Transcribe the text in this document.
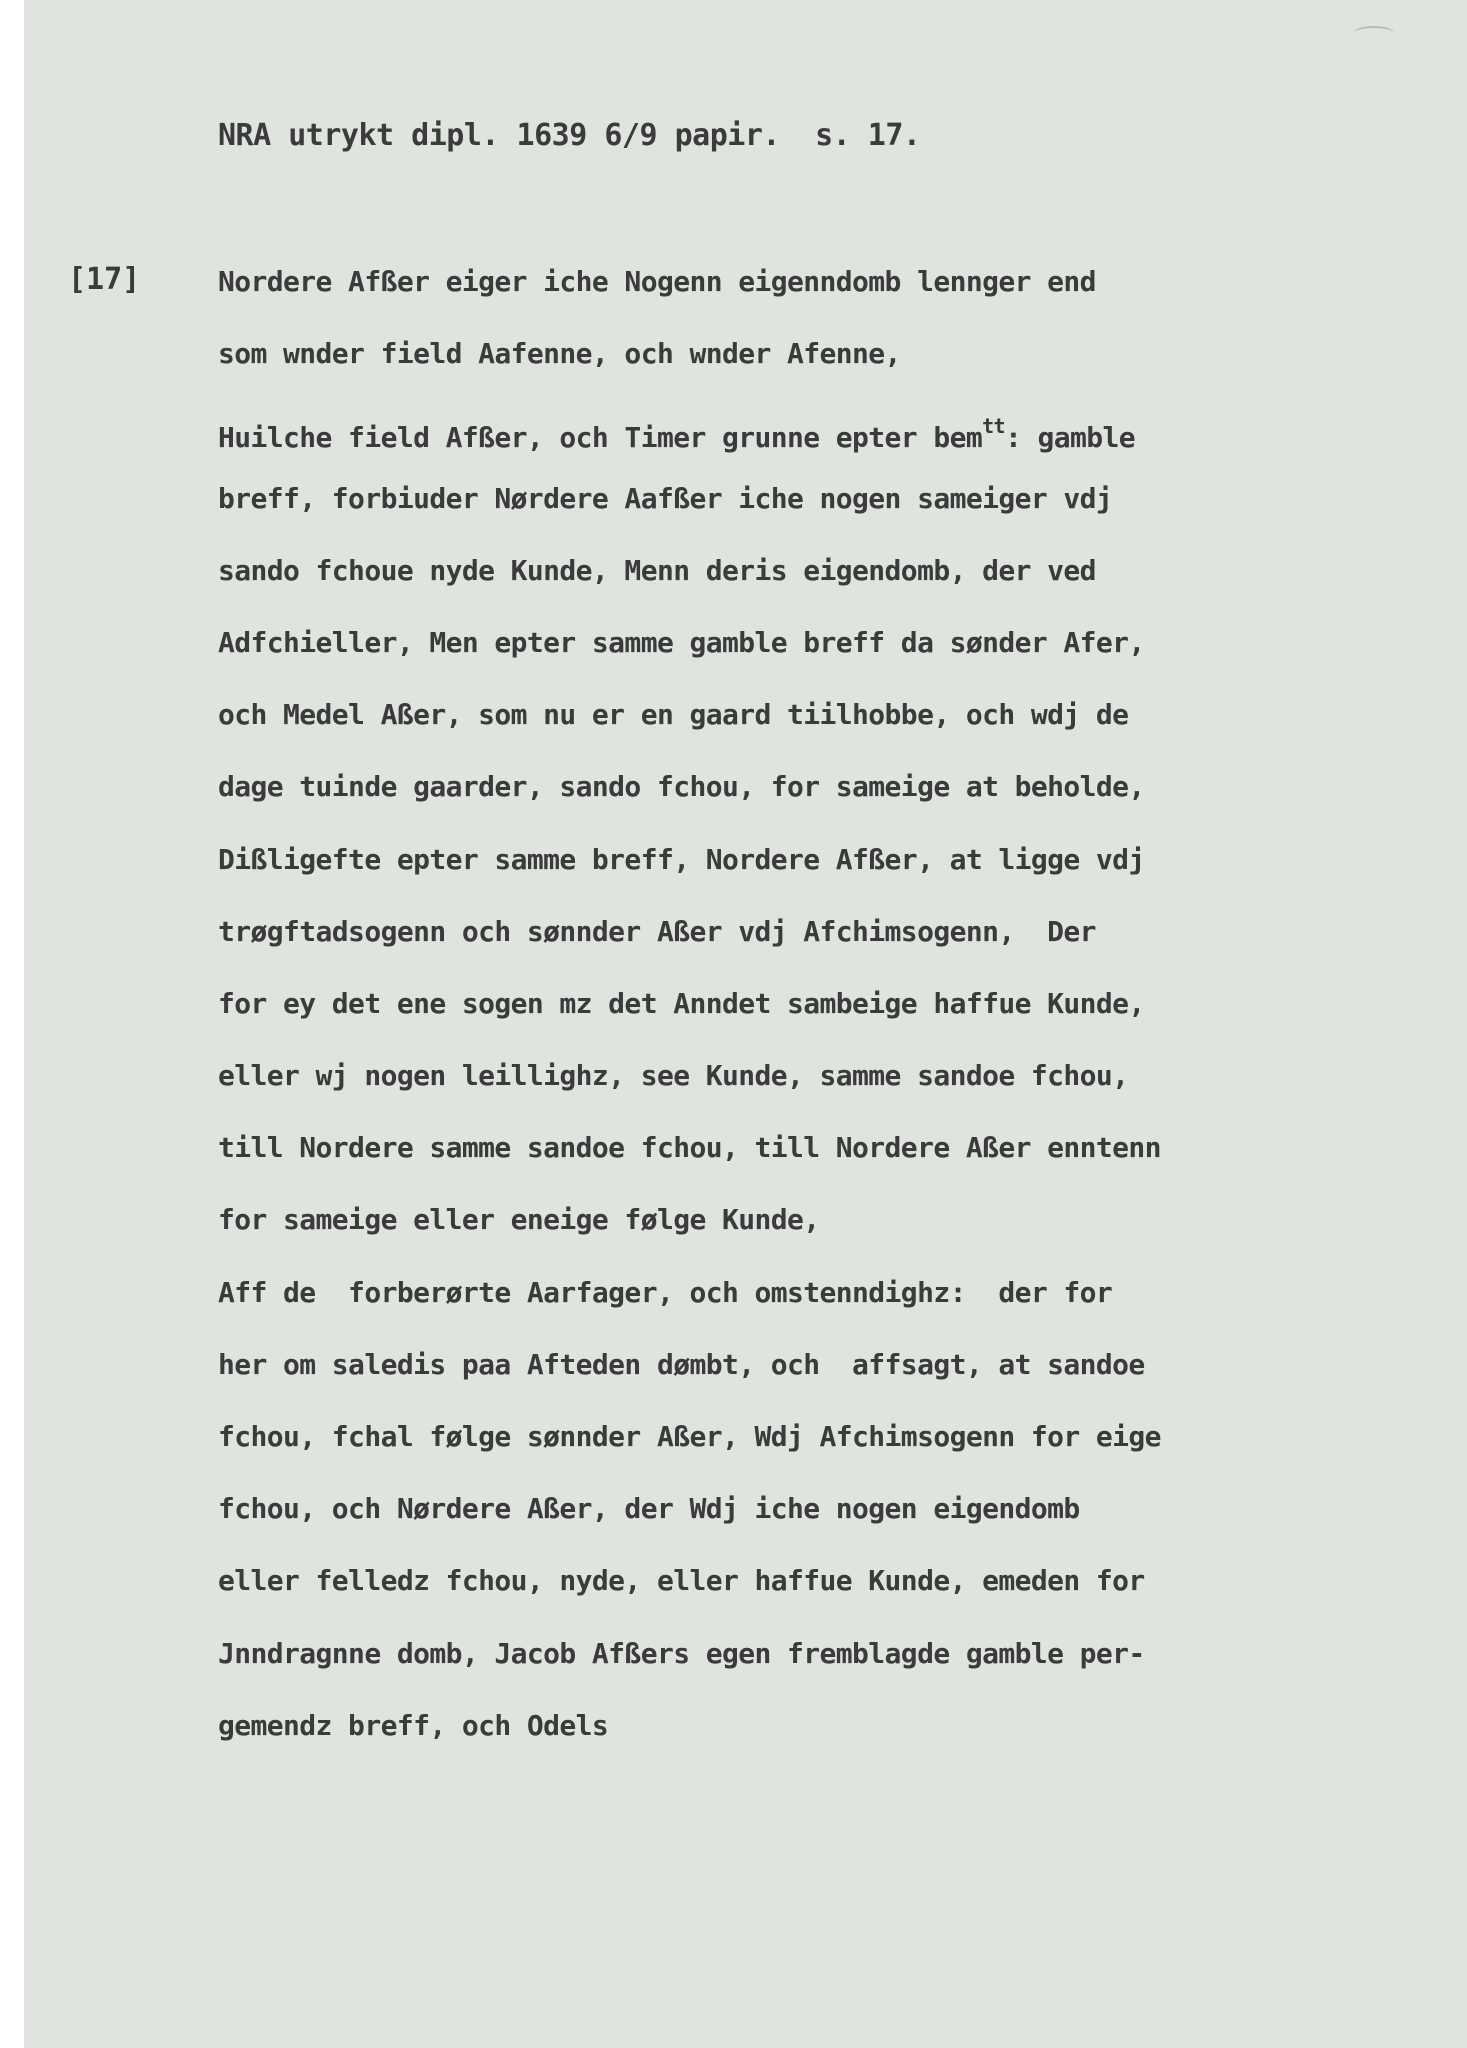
NRA utrykt dipl. 1639 6/9 papir.  s. 17.
[17]	Nordere Afßer eiger iche Nogenn eigenndomb lennger end
som wnder field Aafenne, och wnder Afenne,
Huilche field Afßer, och Timer grunne epter bem$^{tt}$: gamble
breff, forbiuder Nørdere Aafßer iche nogen sameiger vdj
sando fchoue nyde Kunde, Menn deris eigendomb, der ved
Adfchieller, Men epter samme gamble breff da sønder Afer,
och Medel Aßer, som nu er en gaard tiilhobbe, och wdj de
dage tuinde gaarder, sando fchou, for sameige at beholde,
Dißligefte epter samme breff, Nordere Afßer, at ligge vdj
trøgftadsogenn och sønnder Aßer vdj Afchimsogenn,  Der
for ey det ene sogen mz det Anndet sambeige haffue Kunde,
eller wj nogen leillighz, see Kunde, samme sandoe fchou,
till Nordere samme sandoe fchou, till Nordere Aßer enntenn
for sameige eller eneige følge Kunde,
Aff de  forberørte Aarfager, och omstenndighz:  der for
her om saledis paa Afteden dømbt, och  affsagt, at sandoe
fchou, fchal følge sønnder Aßer, Wdj Afchimsogenn for eige
fchou, och Nørdere Aßer, der Wdj iche nogen eigendomb
eller felledz fchou, nyde, eller haffue Kunde, emeden for
Jnndragnne domb, Jacob Afßers egen fremblagde gamble per-
gemendz breff, och Odels
